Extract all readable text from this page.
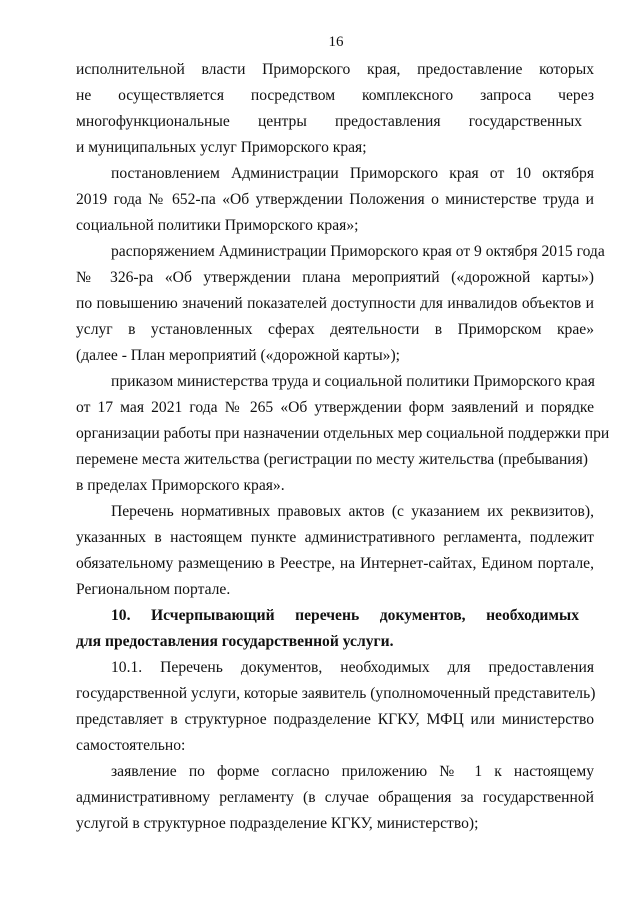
16
исполнительной власти Приморского края, предоставление которых
не осуществляется посредством комплексного запроса через
многофункциональные центры предоставления государственных
и муниципальных услуг Приморского края;
постановлением Администрации Приморского края от 10 октября
2019 года № 652-па «Об утверждении Положения о министерстве труда и
социальной политики Приморского края»;
распоряжением Администрации Приморского края от 9 октября 2015 года
№ 326-ра «Об утверждении плана мероприятий («дорожной карты»)
по повышению значений показателей доступности для инвалидов объектов и
услуг в установленных сферах деятельности в Приморском крае»
(далее - План мероприятий («дорожной карты»);
приказом министерства труда и социальной политики Приморского края
от 17 мая 2021 года № 265 «Об утверждении форм заявлений и порядке
организации работы при назначении отдельных мер социальной поддержки при
перемене места жительства (регистрации по месту жительства (пребывания)
в пределах Приморского края».
Перечень нормативных правовых актов (с указанием их реквизитов),
указанных в настоящем пункте административного регламента, подлежит
обязательному размещению в Реестре, на Интернет-сайтах, Едином портале,
Региональном портале.
10. Исчерпывающий перечень документов, необходимых
для предоставления государственной услуги.
10.1. Перечень документов, необходимых для предоставления
государственной услуги, которые заявитель (уполномоченный представитель)
представляет в структурное подразделение КГКУ, МФЦ или министерство
самостоятельно:
заявление по форме согласно приложению № 1 к настоящему
административному регламенту (в случае обращения за государственной
услугой в структурное подразделение КГКУ, министерство);
